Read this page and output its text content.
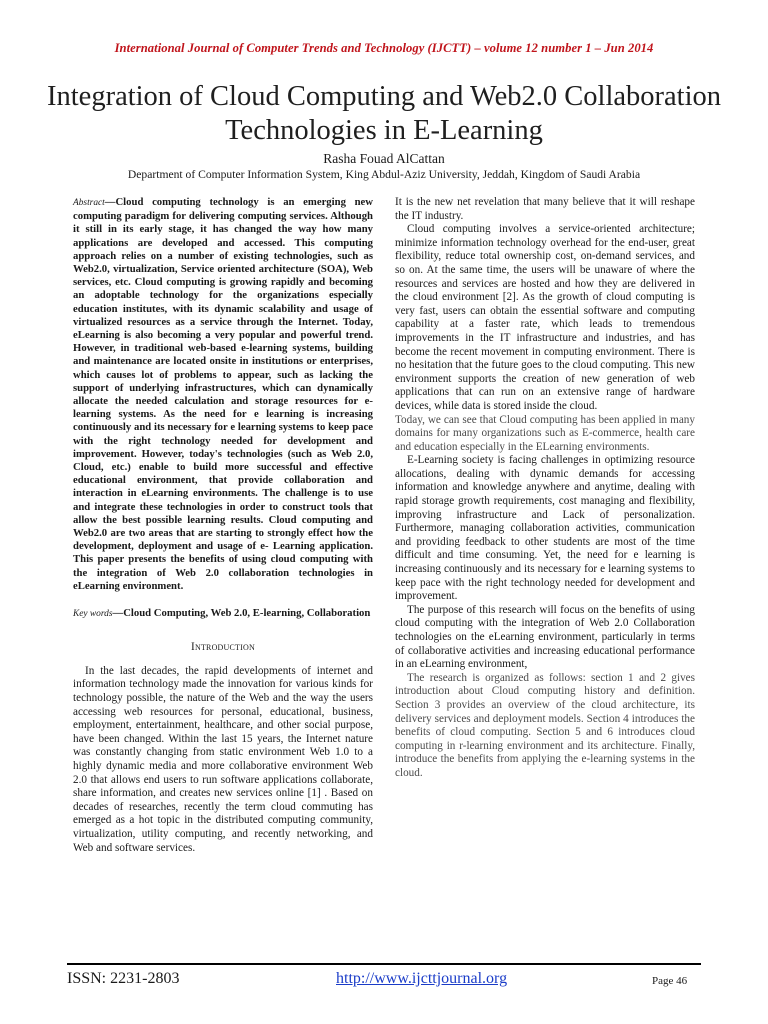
International Journal of Computer Trends and Technology (IJCTT) – volume 12 number 1 – Jun 2014
Integration of Cloud Computing and Web2.0 Collaboration Technologies in E-Learning
Rasha Fouad AlCattan
Department of Computer Information System, King Abdul-Aziz University, Jeddah, Kingdom of Saudi Arabia

Abstract—Cloud computing technology is an emerging new computing paradigm for delivering computing services. Although it still in its early stage, it has changed the way how many applications are developed and accessed. This computing approach relies on a number of existing technologies, such as Web2.0, virtualization, Service oriented architecture (SOA), Web services, etc. Cloud computing is growing rapidly and becoming an adoptable technology for the organizations especially education institutes, with its dynamic scalability and usage of virtualized resources as a service through the Internet. Today, eLearning is also becoming a very popular and powerful trend. However, in traditional web-based e-learning systems, building and maintenance are located onsite in institutions or enterprises, which causes lot of problems to appear, such as lacking the support of underlying infrastructures, which can dynamically allocate the needed calculation and storage resources for e- learning systems. As the need for e learning is increasing continuously and its necessary for e learning systems to keep pace with the right technology needed for development and improvement. However, today's technologies (such as Web 2.0, Cloud, etc.) enable to build more successful and effective educational environment, that provide collaboration and interaction in eLearning environments. The challenge is to use and integrate these technologies in order to construct tools that allow the best possible learning results. Cloud computing and Web2.0 are two areas that are starting to strongly effect how the development, deployment and usage of e- Learning application. This paper presents the benefits of using cloud computing with the integration of Web 2.0 collaboration technologies in eLearning environment.

Key words—Cloud Computing, Web 2.0, E-learning, Collaboration

Introduction

In the last decades, the rapid developments of internet and information technology made the innovation for various kinds for technology possible, the nature of the Web and the way the users accessing web resources for personal, educational, business, employment, entertainment, healthcare, and other social purpose, have been changed. Within the last 15 years, the Internet nature was constantly changing from static environment Web 1.0 to a highly dynamic media and more collaborative environment Web 2.0 that allows end users to run software applications collaborate, share information, and creates new services online [1] . Based on decades of researches, recently the term cloud commuting has emerged as a hot topic in the distributed computing community, virtualization, utility computing, and recently networking, and Web and software services.

It is the new net revelation that many believe that it will reshape the IT industry.

Cloud computing involves a service-oriented architecture; minimize information technology overhead for the end-user, great flexibility, reduce total ownership cost, on-demand services, and so on. At the same time, the users will be unaware of where the resources and services are hosted and how they are delivered in the cloud environment [2]. As the growth of cloud computing is very fast, users can obtain the essential software and computing capability at a faster rate, which leads to tremendous improvements in the IT infrastructure and industries, and has become the recent movement in computing environment. There is no hesitation that the future goes to the cloud computing. This new environment supports the creation of new generation of web applications that can run on an extensive range of hardware devices, while data is stored inside the cloud.

Today, we can see that Cloud computing has been applied in many domains for many organizations such as E-commerce, health care and education especially in the ELearning environments.

E-Learning society is facing challenges in optimizing resource allocations, dealing with dynamic demands for accessing information and knowledge anywhere and anytime, dealing with rapid storage growth requirements, cost managing and flexibility, improving infrastructure and Lack of personalization. Furthermore, managing collaboration activities, communication and providing feedback to other students are most of the time difficult and time consuming. Yet, the need for e learning is increasing continuously and its necessary for e learning systems to keep pace with the right technology needed for development and improvement.

The purpose of this research will focus on the benefits of using cloud computing with the integration of Web 2.0 Collaboration technologies on the eLearning environment, particularly in terms of collaborative activities and increasing educational performance in an eLearning environment,

The research is organized as follows: section 1 and 2 gives introduction about Cloud computing history and definition. Section 3 provides an overview of the cloud architecture, its delivery services and deployment models. Section 4 introduces the benefits of cloud computing. Section 5 and 6 introduces cloud computing in r-learning environment and its architecture. Finally, introduce the benefits from applying the e-learning systems in the cloud.

ISSN: 2231-2803	http://www.ijcttjournal.org	Page 46
